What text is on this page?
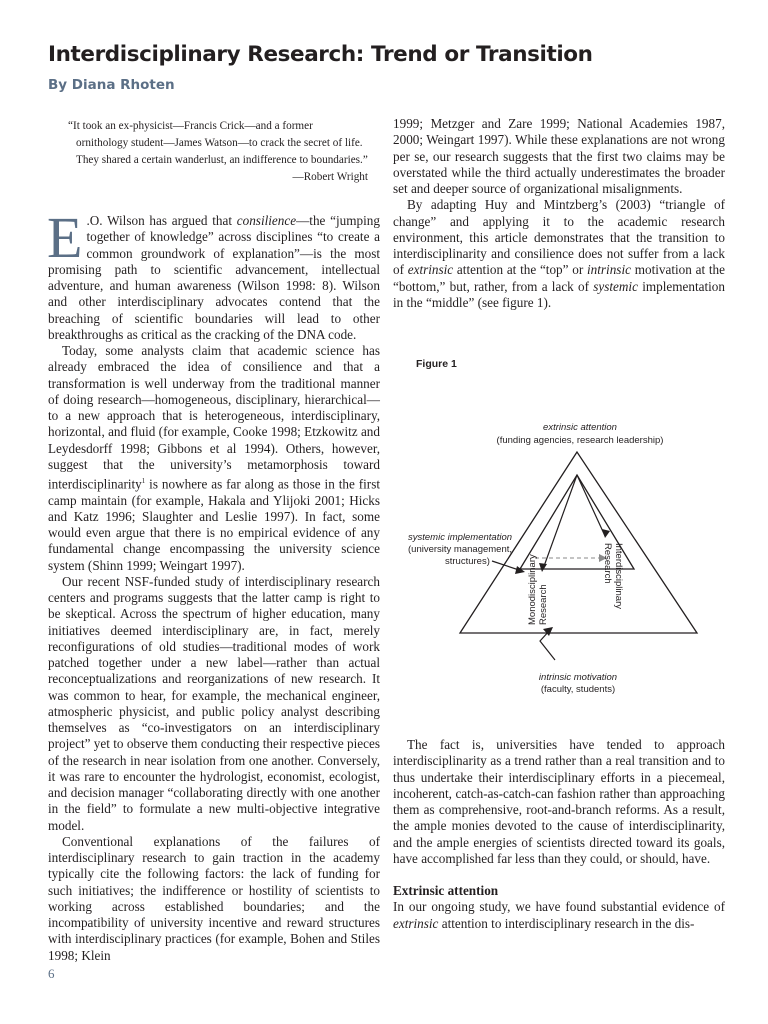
Interdisciplinary Research: Trend or Transition
By Diana Rhoten

“It took an ex-physicist—Francis Crick—and a former

ornithology student—James Watson—to crack the secret of life. They shared a certain wanderlust, an indifference to boundaries.”

—Robert Wright

E .O. Wilson has argued that consilience—the “jumping together of knowledge” across disciplines “to create a common groundwork of explanation”—is the most promising path to scientific advancement, intellectual adventure, and human awareness (Wilson 1998: 8). Wilson and other interdisciplinary advocates contend that the breaching of scientific boundaries will lead to other breakthroughs as critical as the cracking of the DNA code.

Today, some analysts claim that academic science has already embraced the idea of consilience and that a transformation is well underway from the traditional manner of doing research—homogeneous, disciplinary, hierarchical—to a new approach that is heterogeneous, interdisciplinary, horizontal, and fluid (for example, Cooke 1998; Etzkowitz and Leydesdorff 1998; Gibbons et al 1994). Others, however, suggest that the university’s metamorphosis toward interdisciplinarity$^1$ is nowhere as far along as those in the first camp maintain (for example, Hakala and Ylijoki 2001; Hicks and Katz 1996; Slaughter and Leslie 1997). In fact, some would even argue that there is no empirical evidence of any fundamental change encompassing the university science system (Shinn 1999; Weingart 1997).

Our recent NSF-funded study of interdisciplinary research centers and programs suggests that the latter camp is right to be skeptical. Across the spectrum of higher education, many initiatives deemed interdisciplinary are, in fact, merely reconfigurations of old studies—traditional modes of work patched together under a new label—rather than actual reconceptualizations and reorganizations of new research. It was common to hear, for example, the mechanical engineer, atmospheric physicist, and public policy analyst describing themselves as “co-investigators on an interdisciplinary project” yet to observe them conducting their respective pieces of the research in near isolation from one another. Conversely, it was rare to encounter the hydrologist, economist, ecologist, and decision manager “collaborating directly with one another in the field” to formulate a new multi-objective integrative model.

Conventional explanations of the failures of interdisciplinary research to gain traction in the academy typically cite the following factors: the lack of funding for such initiatives; the indifference or hostility of scientists to working across established boundaries; and the incompatibility of university incentive and reward structures with interdisciplinary practices (for example, Bohen and Stiles 1998; Klein

1999; Metzger and Zare 1999; National Academies 1987, 2000; Weingart 1997). While these explanations are not wrong per se, our research suggests that the first two claims may be overstated while the third actually underestimates the broader set and deeper source of organizational misalignments.

By adapting Huy and Mintzberg’s (2003) “triangle of change” and applying it to the academic research environment, this article demonstrates that the transition to interdisciplinarity and consilience does not suffer from a lack of extrinsic attention at the “top” or intrinsic motivation at the “bottom,” but, rather, from a lack of systemic implementation in the “middle” (see figure 1).

Figure 1
extrinsic attention
(funding agencies, research leadership)
systemic implementation
(university management,
structures)	Monodisciplinary Research	Interdisciplinary
Research
intrinsic motivation
(faculty, students)

The fact is, universities have tended to approach interdisciplinarity as a trend rather than a real transition and to thus undertake their interdisciplinary efforts in a piecemeal, incoherent, catch-as-catch-can fashion rather than approaching them as comprehensive, root-and-branch reforms. As a result, the ample monies devoted to the cause of interdisciplinarity, and the ample energies of scientists directed toward its goals, have accomplished far less than they could, or should, have.

Extrinsic attention

In our ongoing study, we have found substantial evidence of extrinsic attention to interdisciplinary research in the dis-

6
